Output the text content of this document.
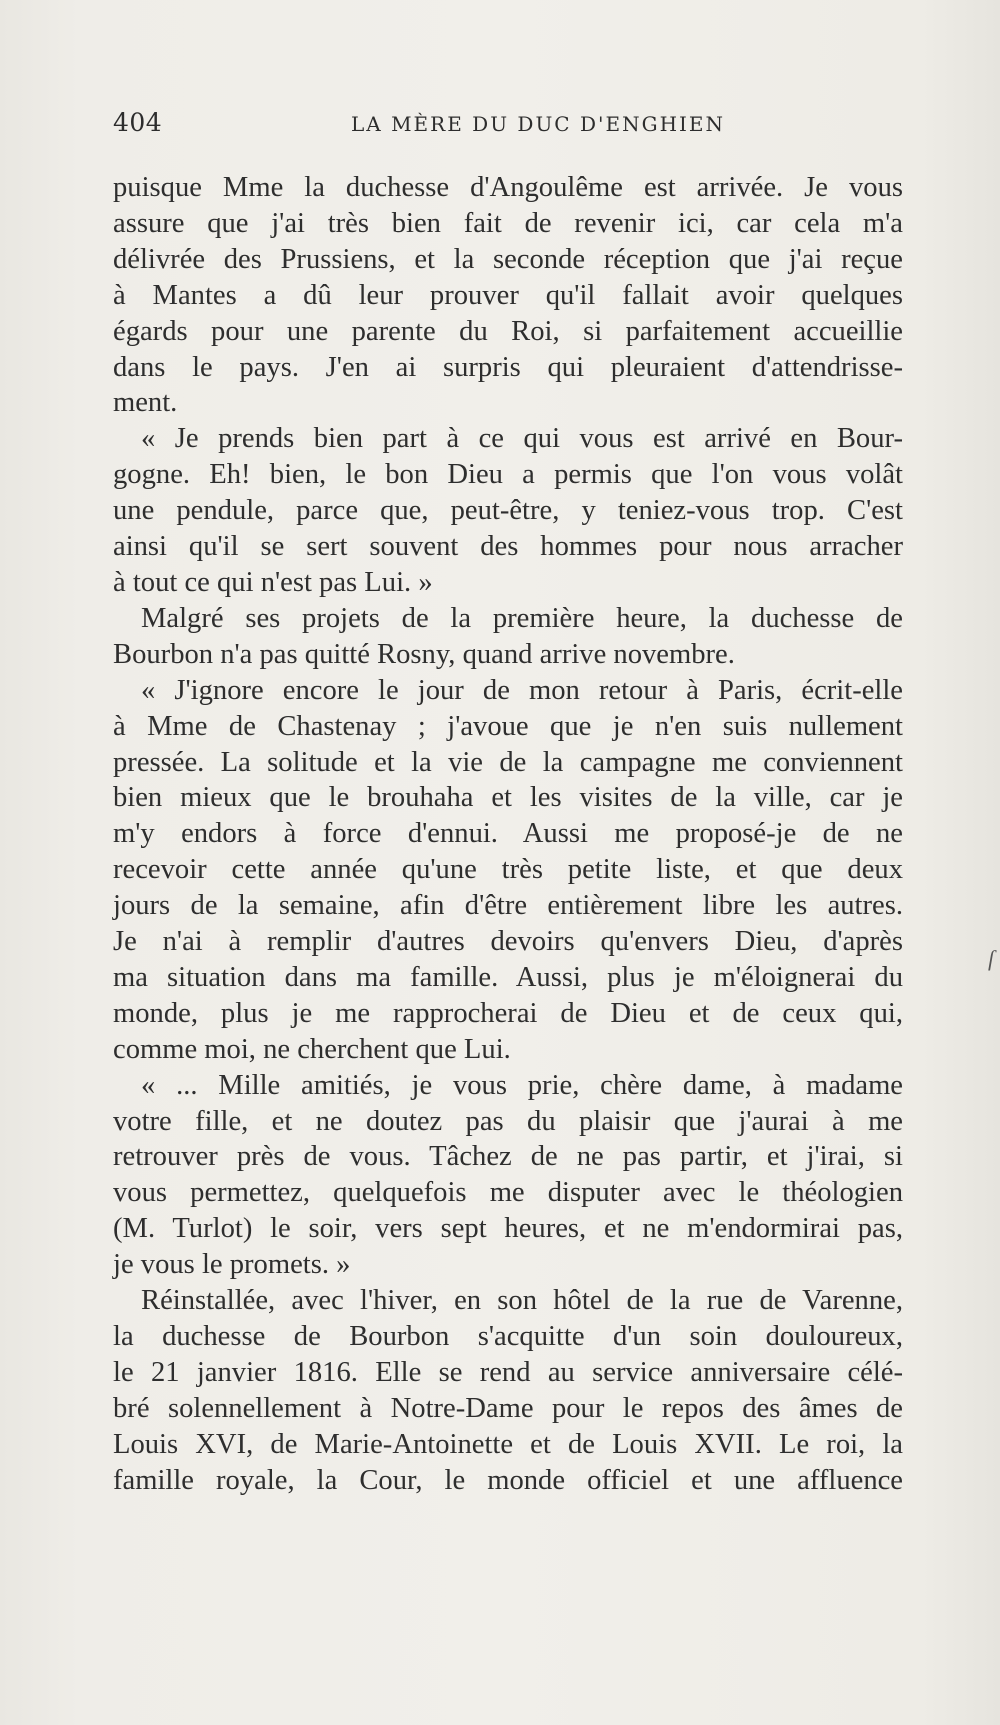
404	LA MÈRE DU DUC D'ENGHIEN
puisque Mme la duchesse d'Angoulême est arrivée. Je vous
assure que j'ai très bien fait de revenir ici, car cela m'a
délivrée des Prussiens, et la seconde réception que j'ai reçue
à Mantes a dû leur prouver qu'il fallait avoir quelques
égards pour une parente du Roi, si parfaitement accueillie
dans le pays. J'en ai surpris qui pleuraient d'attendrisse-
ment.
« Je prends bien part à ce qui vous est arrivé en Bour-
gogne. Eh! bien, le bon Dieu a permis que l'on vous volât
une pendule, parce que, peut-être, y teniez-vous trop. C'est
ainsi qu'il se sert souvent des hommes pour nous arracher
à tout ce qui n'est pas Lui. »
Malgré ses projets de la première heure, la duchesse de
Bourbon n'a pas quitté Rosny, quand arrive novembre.
« J'ignore encore le jour de mon retour à Paris, écrit-elle
à Mme de Chastenay ; j'avoue que je n'en suis nullement
pressée. La solitude et la vie de la campagne me conviennent
bien mieux que le brouhaha et les visites de la ville, car je
m'y endors à force d'ennui. Aussi me proposé-je de ne
recevoir cette année qu'une très petite liste, et que deux
jours de la semaine, afin d'être entièrement libre les autres.
Je n'ai à remplir d'autres devoirs qu'envers Dieu, d'après
ma situation dans ma famille. Aussi, plus je m'éloignerai du
monde, plus je me rapprocherai de Dieu et de ceux qui,
comme moi, ne cherchent que Lui.
« ... Mille amitiés, je vous prie, chère dame, à madame
votre fille, et ne doutez pas du plaisir que j'aurai à me
retrouver près de vous. Tâchez de ne pas partir, et j'irai, si
vous permettez, quelquefois me disputer avec le théologien
(M. Turlot) le soir, vers sept heures, et ne m'endormirai pas,
je vous le promets. »
Réinstallée, avec l'hiver, en son hôtel de la rue de Varenne,
la duchesse de Bourbon s'acquitte d'un soin douloureux,
le 21 janvier 1816. Elle se rend au service anniversaire célé-
bré solennellement à Notre-Dame pour le repos des âmes de
Louis XVI, de Marie-Antoinette et de Louis XVII. Le roi, la
famille royale, la Cour, le monde officiel et une affluence
ſ
